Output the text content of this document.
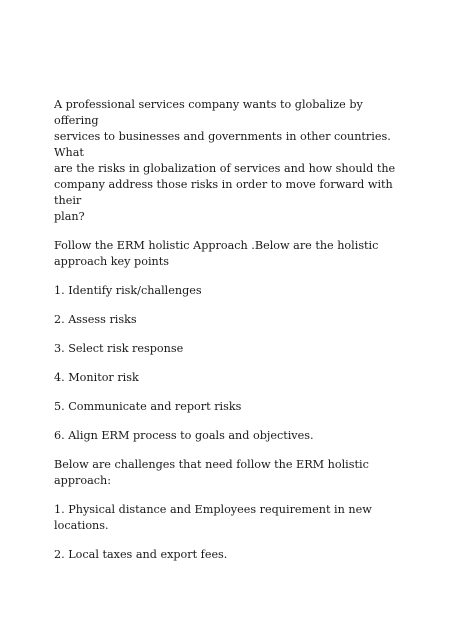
A professional services company wants to globalize by offering
services to businesses and governments in other countries. What
are the risks in globalization of services and how should the
company address those risks in order to move forward with their
plan?

Follow the ERM holistic Approach .Below are the holistic
approach key points

1. Identify risk/challenges

2. Assess risks

3. Select risk response

4. Monitor risk

5. Communicate and report risks

6. Align ERM process to goals and objectives.

Below are challenges that need follow the ERM holistic
approach:

1. Physical distance and Employees requirement in new
locations.

2. Local taxes and export fees.
